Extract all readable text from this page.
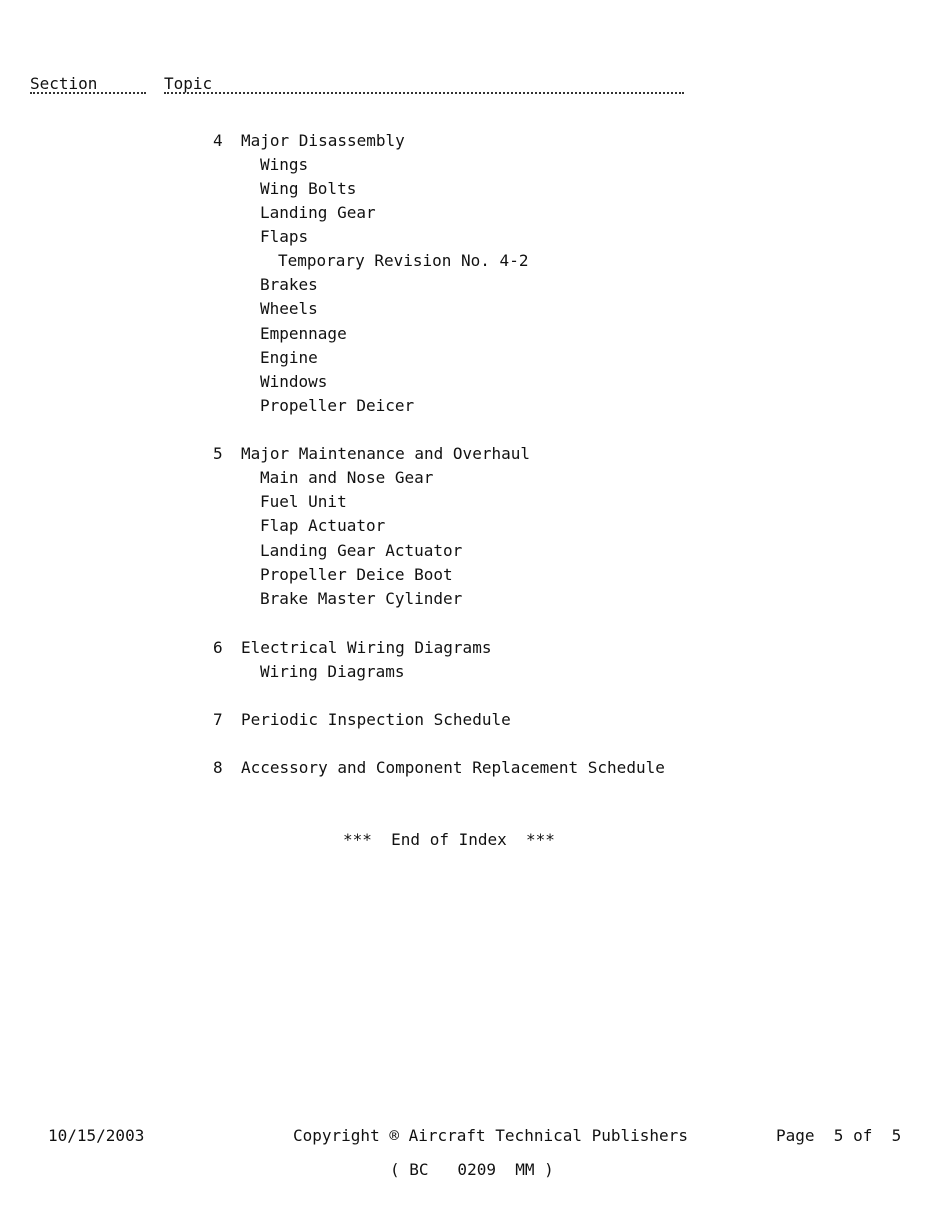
Section	Topic
4 Major Disassembly
Wings
Wing Bolts
Landing Gear
Flaps
Temporary Revision No. 4-2
Brakes
Wheels
Empennage
Engine
Windows
Propeller Deicer
5 Major Maintenance and Overhaul
Main and Nose Gear
Fuel Unit
Flap Actuator
Landing Gear Actuator
Propeller Deice Boot
Brake Master Cylinder
6 Electrical Wiring Diagrams
Wiring Diagrams
7 Periodic Inspection Schedule
8 Accessory and Component Replacement Schedule
***  End of Index  ***
10/15/2003	Copyright ® Aircraft Technical Publishers	Page  5 of  5
( BC   0209  MM )
